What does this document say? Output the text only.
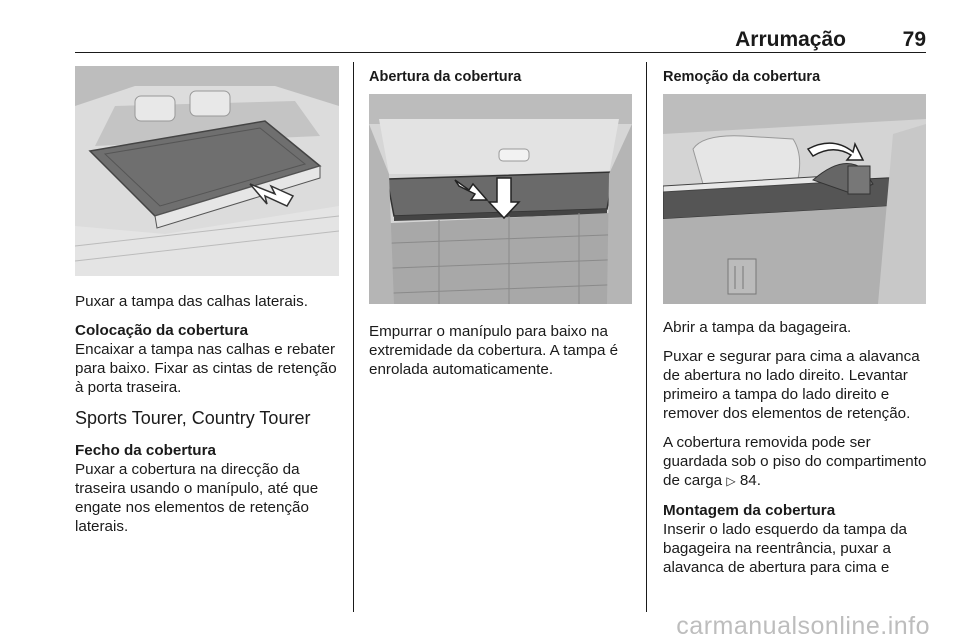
Arrumação	79

Puxar a tampa das calhas laterais.

Colocação da cobertura
Encaixar a tampa nas calhas e rebater para baixo. Fixar as cintas de retenção à porta traseira.

Sports Tourer, Country Tourer

Fecho da cobertura
Puxar a cobertura na direcção da traseira usando o manípulo, até que engate nos elementos de retenção laterais.

Abertura da cobertura

Empurrar o manípulo para baixo na extremidade da cobertura. A tampa é enrolada automaticamente.

Remoção da cobertura

Abrir a tampa da bagageira.

Puxar e segurar para cima a alavanca de abertura no lado direito. Levantar primeiro a tampa do lado direito e remover dos elementos de retenção.

A cobertura removida pode ser guardada sob o piso do compartimento de carga ▷ 84.

Montagem da cobertura
Inserir o lado esquerdo da tampa da bagageira na reentrância, puxar a alavanca de abertura para cima e

carmanualsonline.info
